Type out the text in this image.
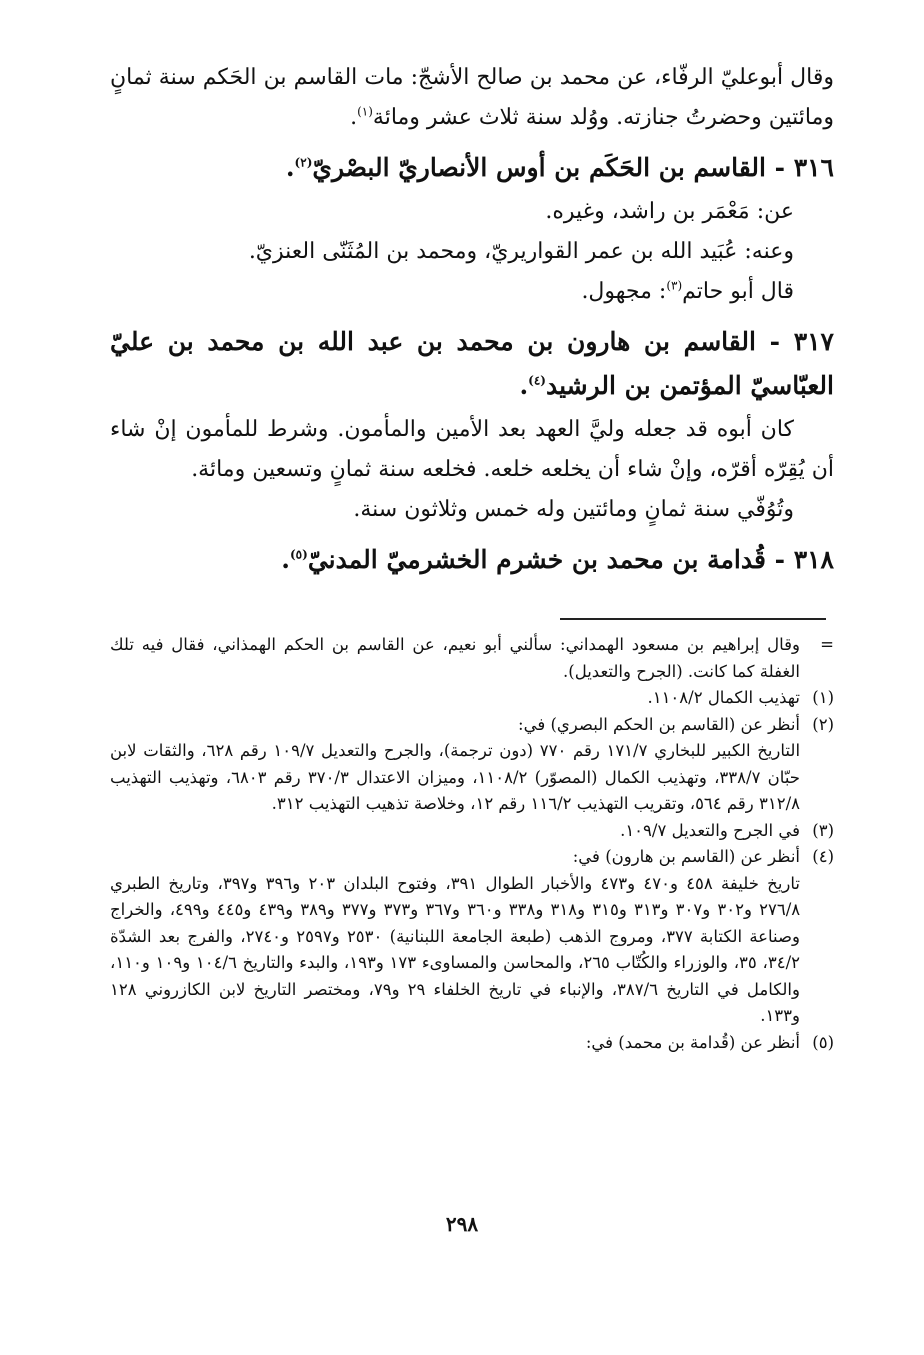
وقال أبوعليّ الرفّاء، عن محمد بن صالح الأشجّ: مات القاسم بن الحَكم سنة ثمانٍ ومائتين وحضرتُ جنازته. ووُلد سنة ثلاث عشر ومائة$^{(١)}$.

٣١٦ - القاسم بن الحَكَم بن أوس الأنصاريّ البصْريّ$^{(٢)}$.

عن: مَعْمَر بن راشد، وغيره.

وعنه: عُبَيد الله بن عمر القواريريّ، ومحمد بن المُثَنّى العنزيّ.

قال أبو حاتم$^{(٣)}$: مجهول.

٣١٧ - القاسم بن هارون بن محمد بن عبد الله بن محمد بن عليّ العبّاسيّ المؤتمن بن الرشيد$^{(٤)}$.

كان أبوه قد جعله وليَّ العهد بعد الأمين والمأمون. وشرط للمأمون إنْ شاء أن يُقِرّه أقرّه، وإنْ شاء أن يخلعه خلعه. فخلعه سنة ثمانٍ وتسعين ومائة.

وتُوُفّي سنة ثمانٍ ومائتين وله خمس وثلاثون سنة.

٣١٨ - قُدامة بن محمد بن خشرم الخشرميّ المدنيّ$^{(٥)}$.

=
وقال إبراهيم بن مسعود الهمداني: سألني أبو نعيم، عن القاسم بن الحكم الهمذاني، فقال فيه تلك الغفلة كما كانت. (الجرح والتعديل).
(١)
تهذيب الكمال ١١٠٨/٢.
(٢)
أنظر عن (القاسم بن الحكم البصري) في:
التاريخ الكبير للبخاري ١٧١/٧ رقم ٧٧٠ (دون ترجمة)، والجرح والتعديل ١٠٩/٧ رقم ٦٢٨، والثقات لابن حبّان ٣٣٨/٧، وتهذيب الكمال (المصوّر) ١١٠٨/٢، وميزان الاعتدال ٣٧٠/٣ رقم ٦٨٠٣، وتهذيب التهذيب ٣١٢/٨ رقم ٥٦٤، وتقريب التهذيب ١١٦/٢ رقم ١٢، وخلاصة تذهيب التهذيب ٣١٢.
(٣)
في الجرح والتعديل ١٠٩/٧.
(٤)
أنظر عن (القاسم بن هارون) في:
تاريخ خليفة ٤٥٨ و٤٧٠ و٤٧٣ والأخبار الطوال ٣٩١، وفتوح البلدان ٢٠٣ و٣٩٦ و٣٩٧، وتاريخ الطبري ٢٧٦/٨ و٣٠٢ و٣٠٧ و٣١٣ و٣١٥ و٣١٨ و٣٣٨ و٣٦٠ و٣٦٧ و٣٧٣ و٣٧٧ و٣٨٩ و٤٣٩ و٤٤٥ و٤٩٩، والخراج وصناعة الكتابة ٣٧٧، ومروج الذهب (طبعة الجامعة اللبنانية) ٢٥٣٠ و٢٥٩٧ و٢٧٤٠، والفرج بعد الشدّة ٣٤/٢، ٣٥، والوزراء والكُتّاب ٢٦٥، والمحاسن والمساوىء ١٧٣ و١٩٣، والبدء والتاريخ ١٠٤/٦ و١٠٩ و١١٠، والكامل في التاريخ ٣٨٧/٦، والإنباء في تاريخ الخلفاء ٢٩ و٧٩، ومختصر التاريخ لابن الكازروني ١٢٨ و١٣٣.
(٥)
أنظر عن (قُدامة بن محمد) في:
٢٩٨
